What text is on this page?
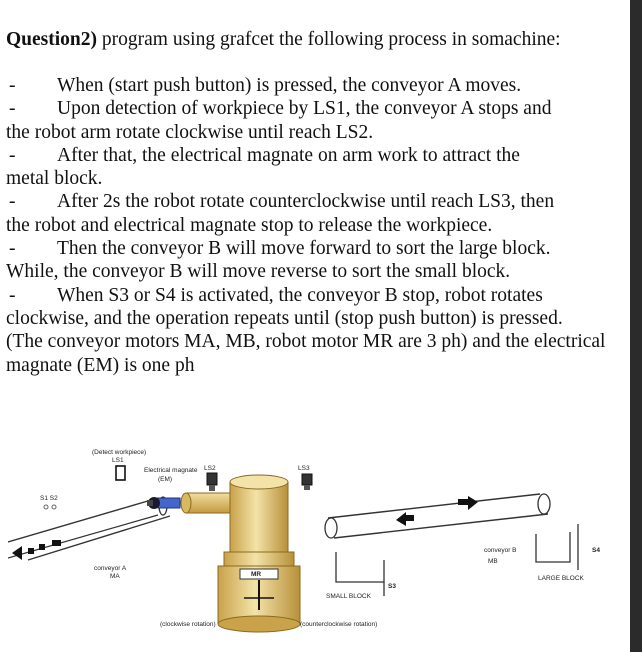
Question2) program using grafcet the following process in somachine:

- When (start push button) is pressed, the conveyor A moves.

- Upon detection of workpiece by LS1, the conveyor A stops and
the robot arm rotate clockwise until reach LS2.

- After that, the electrical magnate on arm work to attract the
metal block.

- After 2s the robot rotate counterclockwise until reach LS3, then
the robot and electrical magnate stop to release the workpiece.

- Then the conveyor B will move forward to sort the large block.
While, the conveyor B will move reverse to sort the small block.

- When S3 or S4 is activated, the conveyor B stop, robot rotates
clockwise, and the operation repeats until (stop push button) is pressed.

(The conveyor motors MA, MB, robot motor MR are 3 ph) and the electrical magnate (EM) is one ph

(Detect workpiece)
LS1
Electrical magnate
(EM)
LS2	LS3
S1 S2
conveyor A
MA	MR
(clockwise rotation)	(counterclockwise rotation)
conveyor B
MB
S3
SMALL BLOCK
S4
LARGE BLOCK
